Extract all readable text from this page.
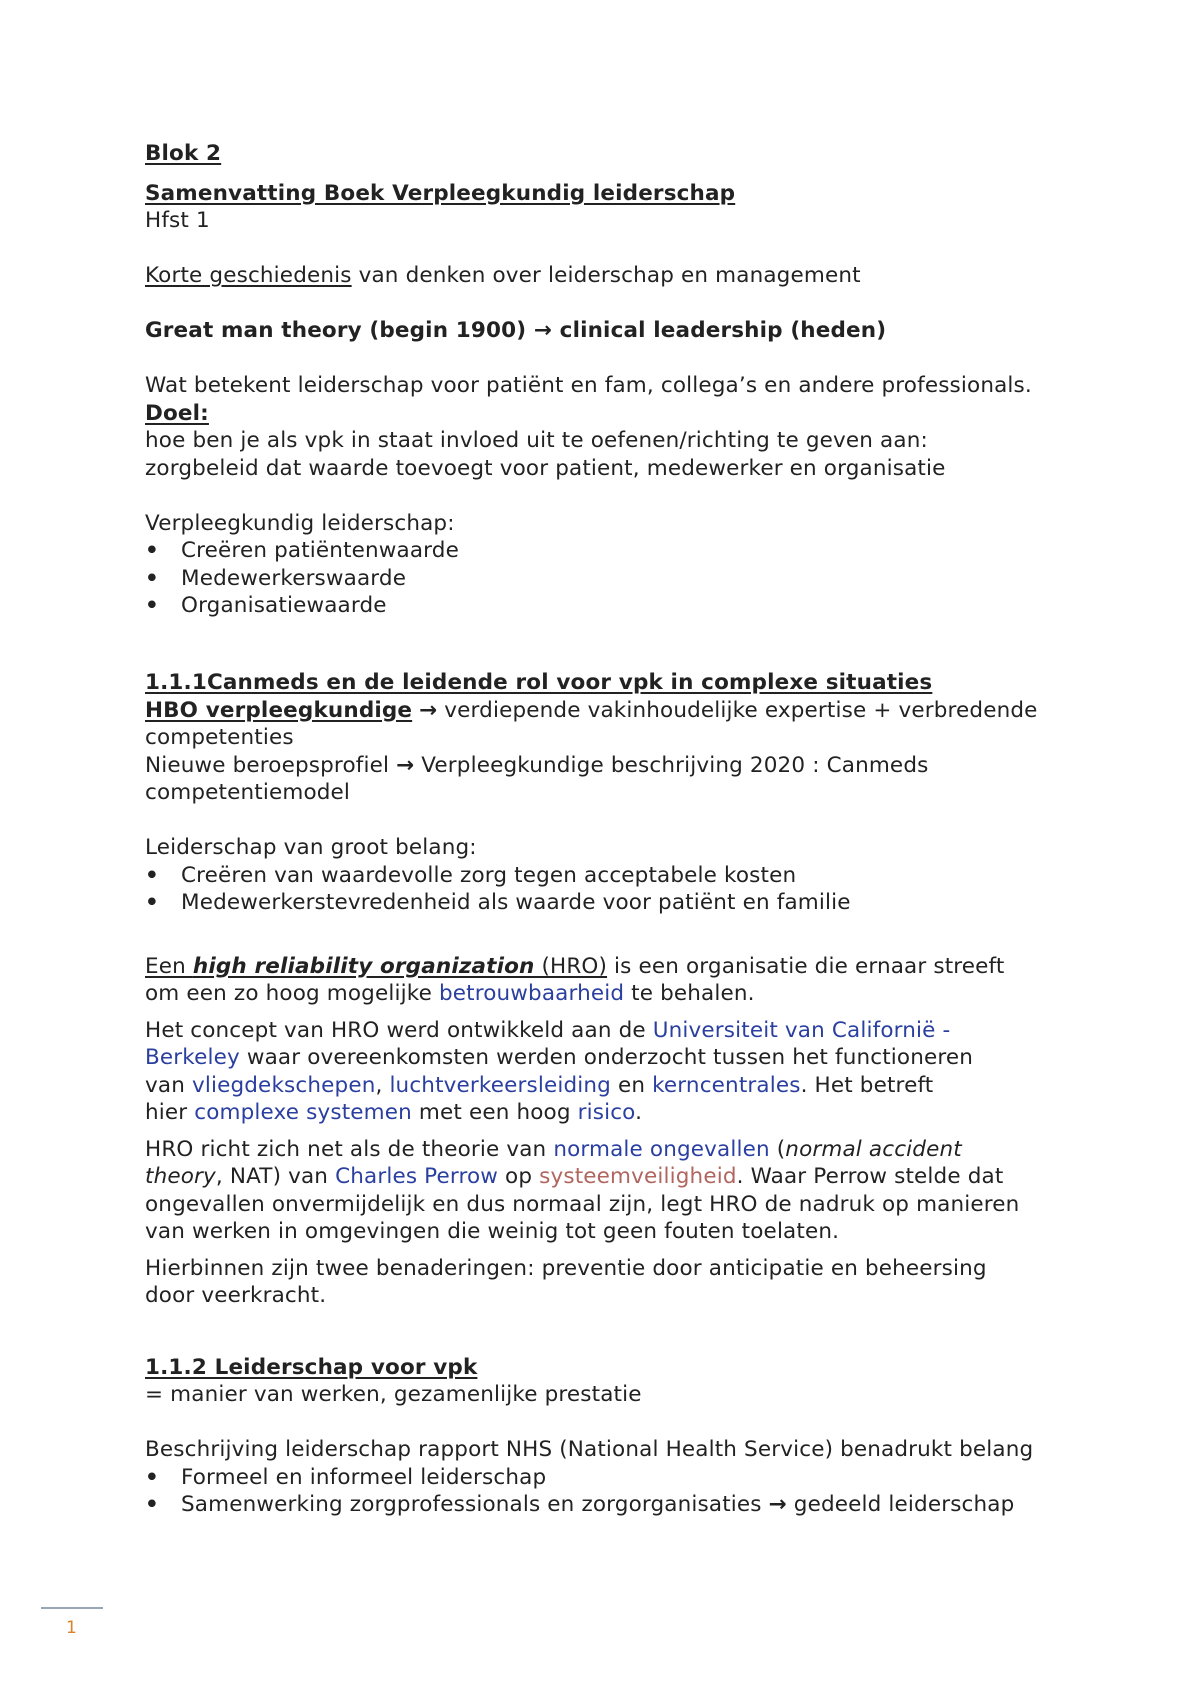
Blok 2
Samenvatting Boek Verpleegkundig leiderschap
Hfst 1
Korte geschiedenis van denken over leiderschap en management
Great man theory (begin 1900) → clinical leadership (heden)
Wat betekent leiderschap voor patiënt en fam, collega’s en andere professionals.
Doel:
hoe ben je als vpk in staat invloed uit te oefenen/richting te geven aan:
zorgbeleid dat waarde toevoegt voor patient, medewerker en organisatie
Verpleegkundig leiderschap:
• Creëren patiëntenwaarde
• Medewerkerswaarde
• Organisatiewaarde
1.1.1Canmeds en de leidende rol voor vpk in complexe situaties
HBO verpleegkundige → verdiepende vakinhoudelijke expertise + verbredende
competenties
Nieuwe beroepsprofiel → Verpleegkundige beschrijving 2020 : Canmeds
competentiemodel
Leiderschap van groot belang:
• Creëren van waardevolle zorg tegen acceptabele kosten
• Medewerkerstevredenheid als waarde voor patiënt en familie
Een high reliability organization (HRO) is een organisatie die ernaar streeft
om een zo hoog mogelijke betrouwbaarheid te behalen.
Het concept van HRO werd ontwikkeld aan de Universiteit van Californië -
Berkeley waar overeenkomsten werden onderzocht tussen het functioneren
van vliegdekschepen, luchtverkeersleiding en kerncentrales. Het betreft
hier complexe systemen met een hoog risico.
HRO richt zich net als de theorie van normale ongevallen (normal accident
theory, NAT) van Charles Perrow op systeemveiligheid. Waar Perrow stelde dat
ongevallen onvermijdelijk en dus normaal zijn, legt HRO de nadruk op manieren
van werken in omgevingen die weinig tot geen fouten toelaten.
Hierbinnen zijn twee benaderingen: preventie door anticipatie en beheersing
door veerkracht.
1.1.2 Leiderschap voor vpk
= manier van werken, gezamenlijke prestatie
Beschrijving leiderschap rapport NHS (National Health Service) benadrukt belang
• Formeel en informeel leiderschap
• Samenwerking zorgprofessionals en zorgorganisaties → gedeeld leiderschap
1
